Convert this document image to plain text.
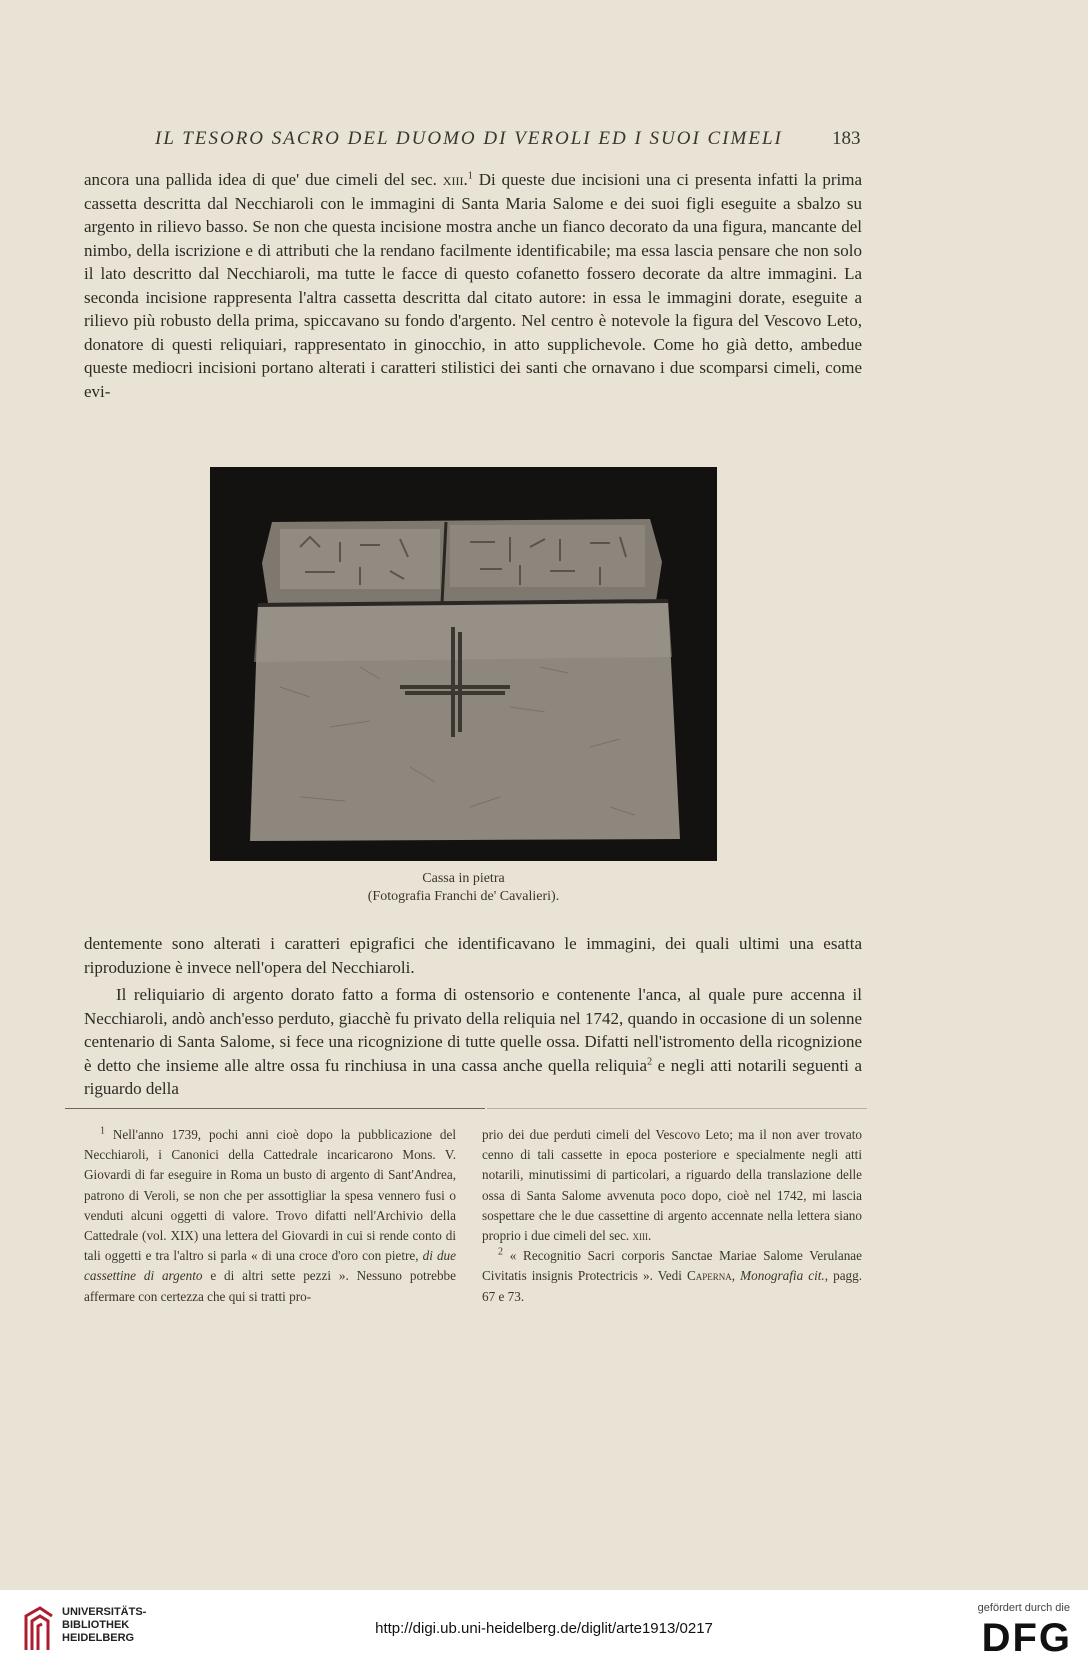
IL TESORO SACRO DEL DUOMO DI VEROLI ED I SUOI CIMELI	183

ancora una pallida idea di que' due cimeli del sec. xiii.$^1$ Di queste due incisioni una ci presenta infatti la prima cassetta descritta dal Necchiaroli con le immagini di Santa Maria Salome e dei suoi figli eseguite a sbalzo su argento in rilievo basso. Se non che questa incisione mostra anche un fianco decorato da una figura, mancante del nimbo, della iscrizione e di attributi che la rendano facilmente identificabile; ma essa lascia pensare che non solo il lato descritto dal Necchiaroli, ma tutte le facce di questo cofanetto fossero decorate da altre immagini. La seconda incisione rappresenta l'altra cassetta descritta dal citato autore: in essa le immagini dorate, eseguite a rilievo più robusto della prima, spiccavano su fondo d'argento. Nel centro è notevole la figura del Vescovo Leto, donatore di questi reliquiari, rappresentato in ginocchio, in atto supplichevole. Come ho già detto, ambedue queste mediocri incisioni portano alterati i caratteri stilistici dei santi che ornavano i due scomparsi cimeli, come evi-

Cassa in pietra
(Fotografia Franchi de' Cavalieri).

dentemente sono alterati i caratteri epigrafici che identificavano le immagini, dei quali ultimi una esatta riproduzione è invece nell'opera del Necchiaroli.

Il reliquiario di argento dorato fatto a forma di ostensorio e contenente l'anca, al quale pure accenna il Necchiaroli, andò anch'esso perduto, giacchè fu privato della reliquia nel 1742, quando in occasione di un solenne centenario di Santa Salome, si fece una ricognizione di tutte quelle ossa. Difatti nell'istromento della ricognizione è detto che insieme alle altre ossa fu rinchiusa in una cassa anche quella reliquia$^2$ e negli atti notarili seguenti a riguardo della

$^1$ Nell'anno 1739, pochi anni cioè dopo la pubblicazione del Necchiaroli, i Canonici della Cattedrale incaricarono Mons. V. Giovardi di far eseguire in Roma un busto di argento di Sant'Andrea, patrono di Veroli, se non che per assottigliar la spesa vennero fusi o venduti alcuni oggetti di valore. Trovo difatti nell'Archivio della Cattedrale (vol. XIX) una lettera del Giovardi in cui si rende conto di tali oggetti e tra l'altro si parla « di una croce d'oro con pietre, di due cassettine di argento e di altri sette pezzi ». Nessuno potrebbe affermare con certezza che qui si tratti pro-

prio dei due perduti cimeli del Vescovo Leto; ma il non aver trovato cenno di tali cassette in epoca posteriore e specialmente negli atti notarili, minutissimi di particolari, a riguardo della translazione delle ossa di Santa Salome avvenuta poco dopo, cioè nel 1742, mi lascia sospettare che le due cassettine di argento accennate nella lettera siano proprio i due cimeli del sec. xiii.

$^2$ « Recognitio Sacri corporis Sanctae Mariae Salome Verulanae Civitatis insignis Protectricis ». Vedi Caperna, Monografia cit., pagg. 67 e 73.

UNIVERSITÄTS-
BIBLIOTHEK
HEIDELBERG
http://digi.ub.uni-heidelberg.de/diglit/arte1913/0217
gefördert durch die
DFG
